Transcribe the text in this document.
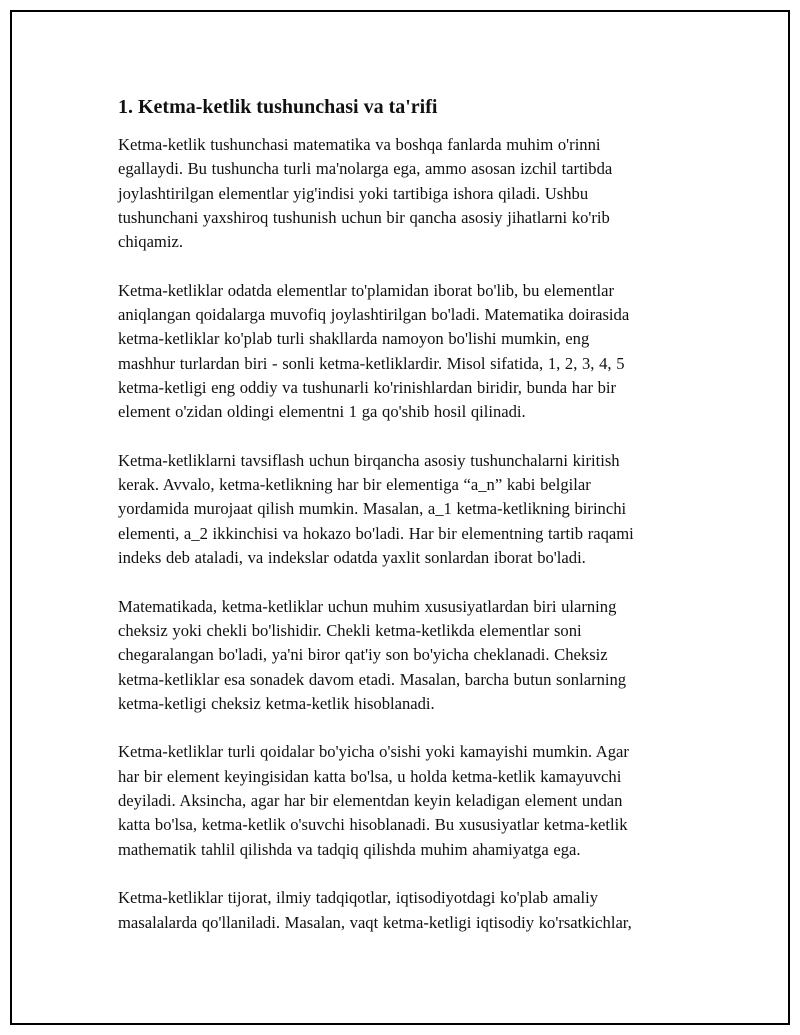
1. Ketma-ketlik tushunchasi va ta'rifi

Ketma-ketlik tushunchasi matematika va boshqa fanlarda muhim o'rinni
egallaydi. Bu tushuncha turli ma'nolarga ega, ammo asosan izchil tartibda
joylashtirilgan elementlar yig'indisi yoki tartibiga ishora qiladi. Ushbu
tushunchani yaxshiroq tushunish uchun bir qancha asosiy jihatlarni ko'rib
chiqamiz.

Ketma-ketliklar odatda elementlar to'plamidan iborat bo'lib, bu elementlar
aniqlangan qoidalarga muvofiq joylashtirilgan bo'ladi. Matematika doirasida
ketma-ketliklar ko'plab turli shakllarda namoyon bo'lishi mumkin, eng
mashhur turlardan biri - sonli ketma-ketliklardir. Misol sifatida, 1, 2, 3, 4, 5
ketma-ketligi eng oddiy va tushunarli ko'rinishlardan biridir, bunda har bir
element o'zidan oldingi elementni 1 ga qo'shib hosil qilinadi.

Ketma-ketliklarni tavsiflash uchun birqancha asosiy tushunchalarni kiritish
kerak. Avvalo, ketma-ketlikning har bir elementiga “a_n” kabi belgilar
yordamida murojaat qilish mumkin. Masalan, a_1 ketma-ketlikning birinchi
elementi, a_2 ikkinchisi va hokazo bo'ladi. Har bir elementning tartib raqami
indeks deb ataladi, va indekslar odatda yaxlit sonlardan iborat bo'ladi.

Matematikada, ketma-ketliklar uchun muhim xususiyatlardan biri ularning
cheksiz yoki chekli bo'lishidir. Chekli ketma-ketlikda elementlar soni
chegaralangan bo'ladi, ya'ni biror qat'iy son bo'yicha cheklanadi. Cheksiz
ketma-ketliklar esa sonadek davom etadi. Masalan, barcha butun sonlarning
ketma-ketligi cheksiz ketma-ketlik hisoblanadi.

Ketma-ketliklar turli qoidalar bo'yicha o'sishi yoki kamayishi mumkin. Agar
har bir element keyingisidan katta bo'lsa, u holda ketma-ketlik kamayuvchi
deyiladi. Aksincha, agar har bir elementdan keyin keladigan element undan
katta bo'lsa, ketma-ketlik o'suvchi hisoblanadi. Bu xususiyatlar ketma-ketlik
mathematik tahlil qilishda va tadqiq qilishda muhim ahamiyatga ega.

Ketma-ketliklar tijorat, ilmiy tadqiqotlar, iqtisodiyotdagi ko'plab amaliy
masalalarda qo'llaniladi. Masalan, vaqt ketma-ketligi iqtisodiy ko'rsatkichlar,
